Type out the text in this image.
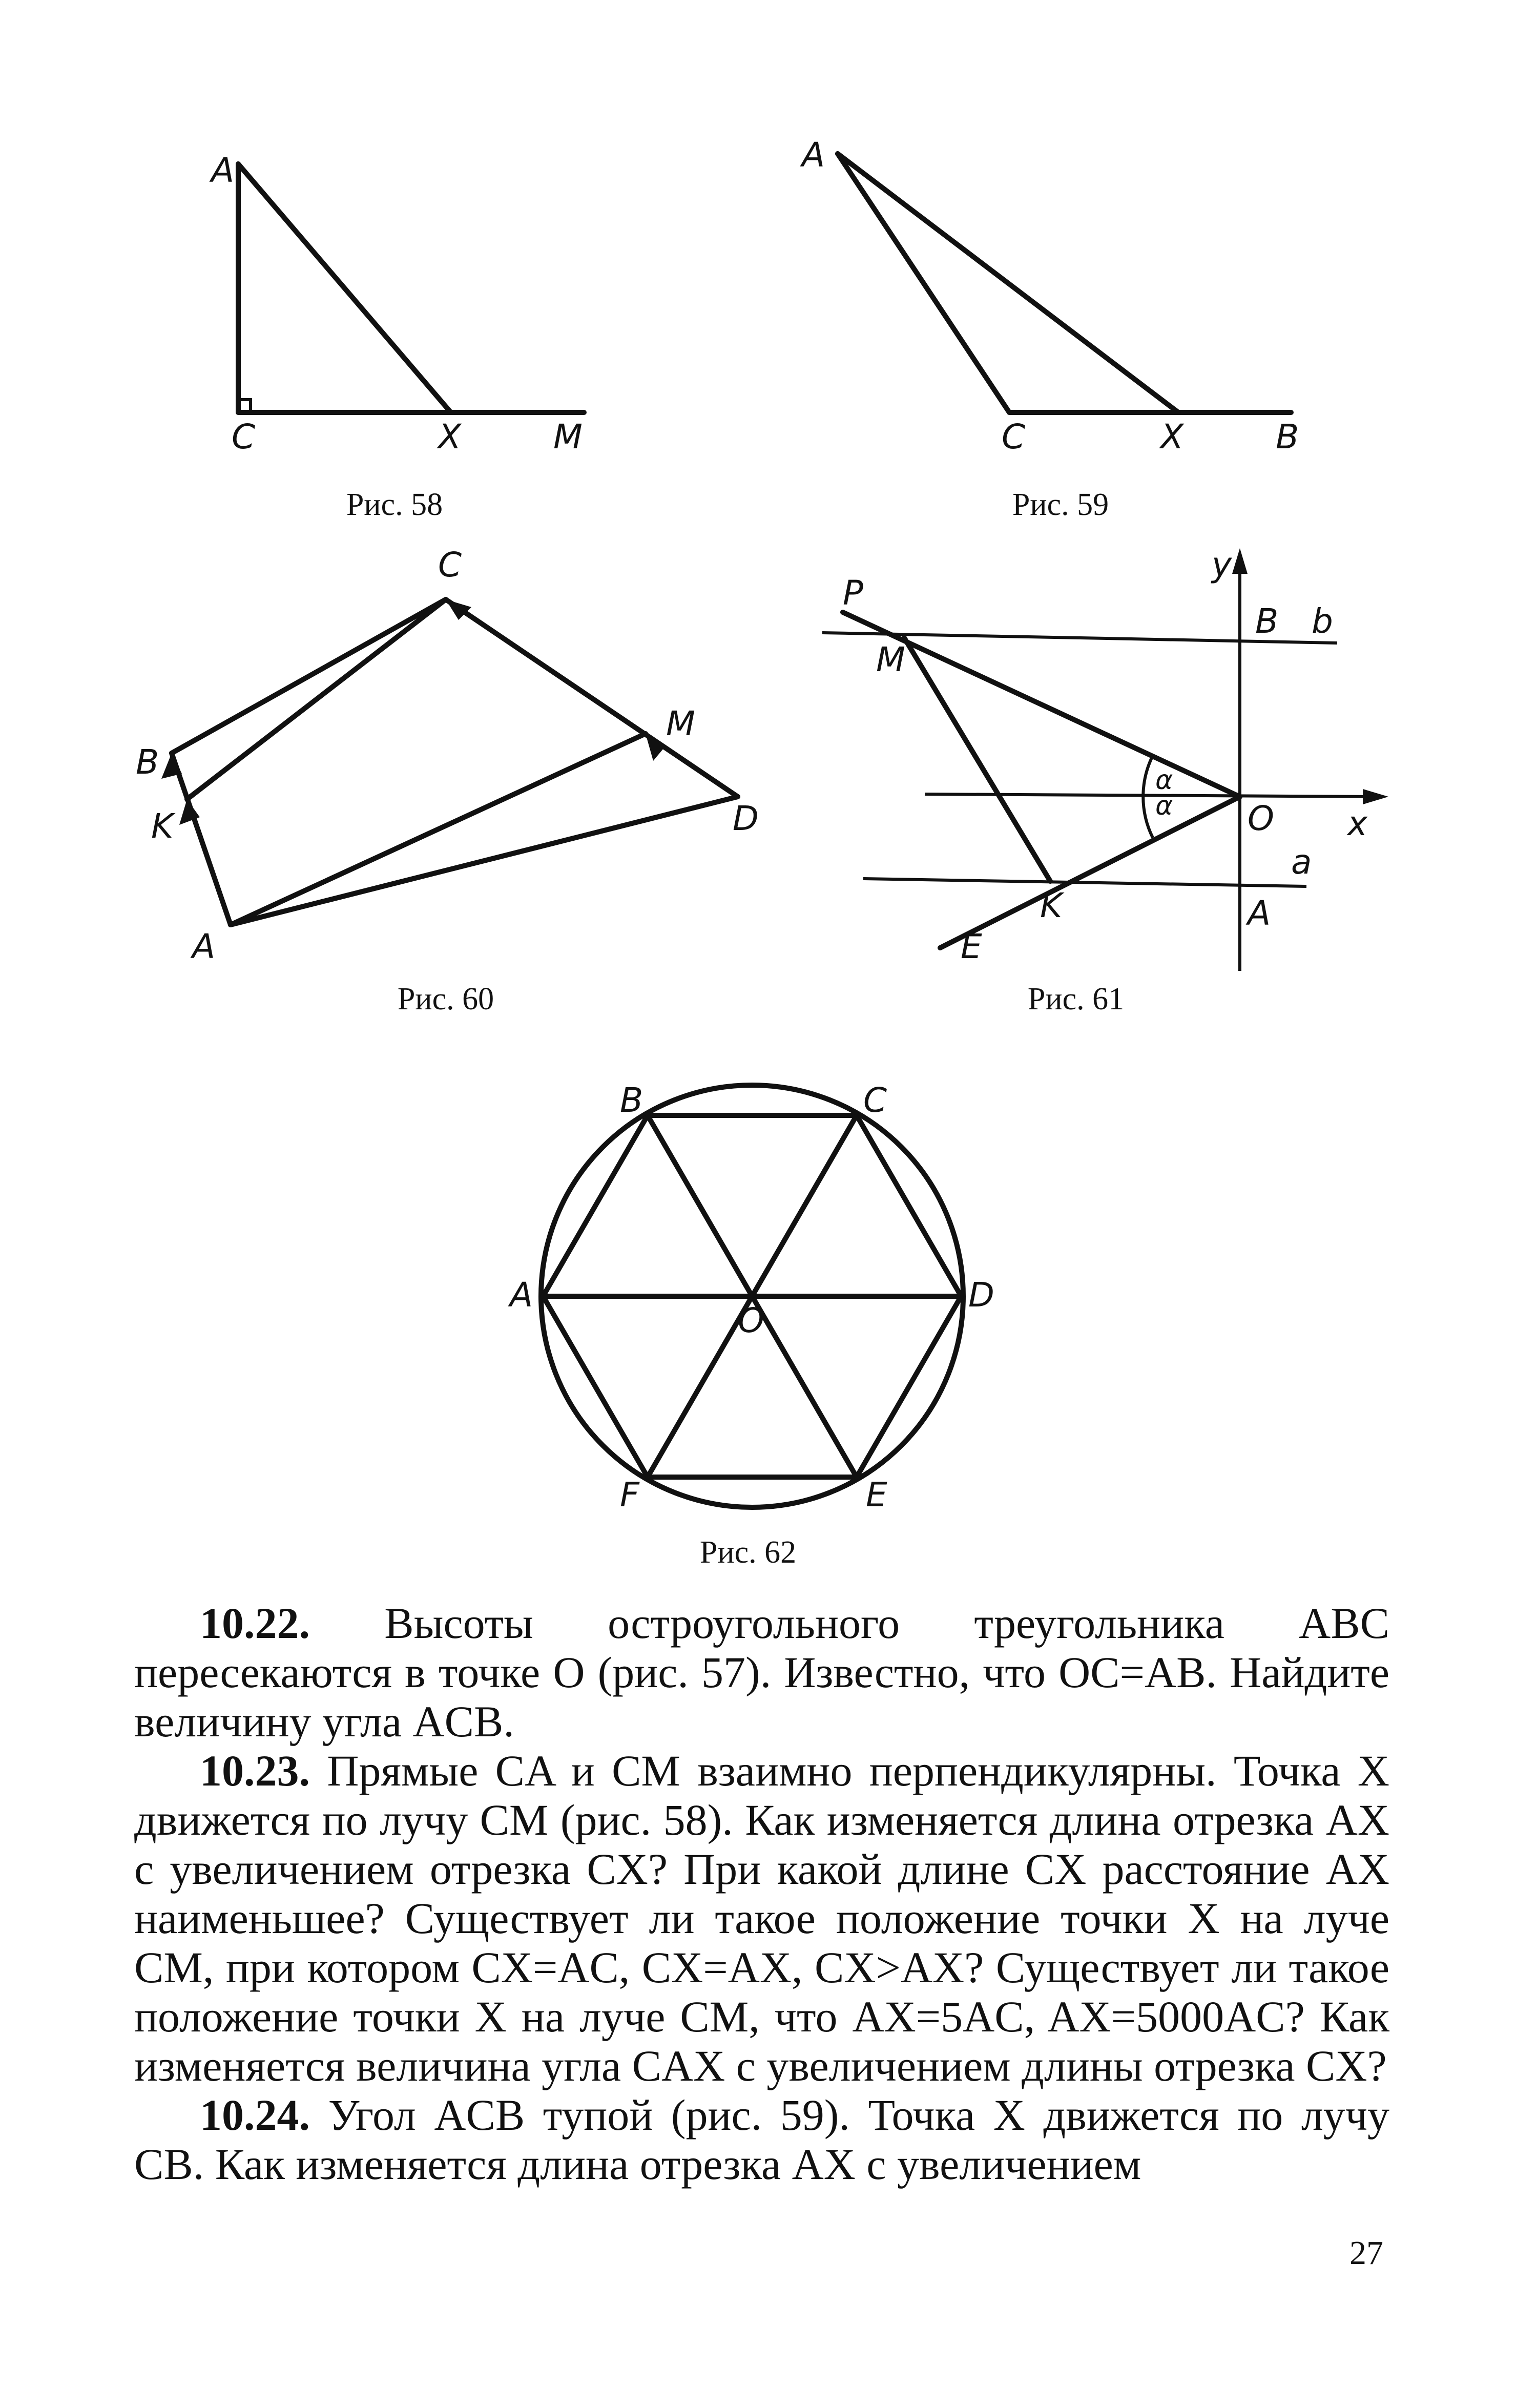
A
C	X	M
Рис. 58
A
C	X	B
Рис. 59
C
B
K
A
M
D
Рис. 60
P
M
y
B b
α
α O x
a
K	A
E
Рис. 61
B	C
A
O
D
F	E
Рис. 62

10.22. Высоты остроугольного треугольника ABC пересекаются в точке O (рис. 57). Известно, что OC=AB. Найдите величину угла ACB.

10.23. Прямые CA и CM взаимно перпендикулярны. Точка X движется по лучу CM (рис. 58). Как изменяется длина отрезка AX с увеличением отрезка CX? При какой длине CX расстояние AX наименьшее? Существует ли такое положение точки X на луче CM, при котором CX=AC, CX=AX, CX>AX? Существует ли такое положение точки X на луче CM, что AX=5AC, AX=5000AC? Как изменяется величина угла CAX с увеличением длины отрезка CX?

10.24. Угол ACB тупой (рис. 59). Точка X движется по лучу CB. Как изменяется длина отрезка AX с увеличением

27
